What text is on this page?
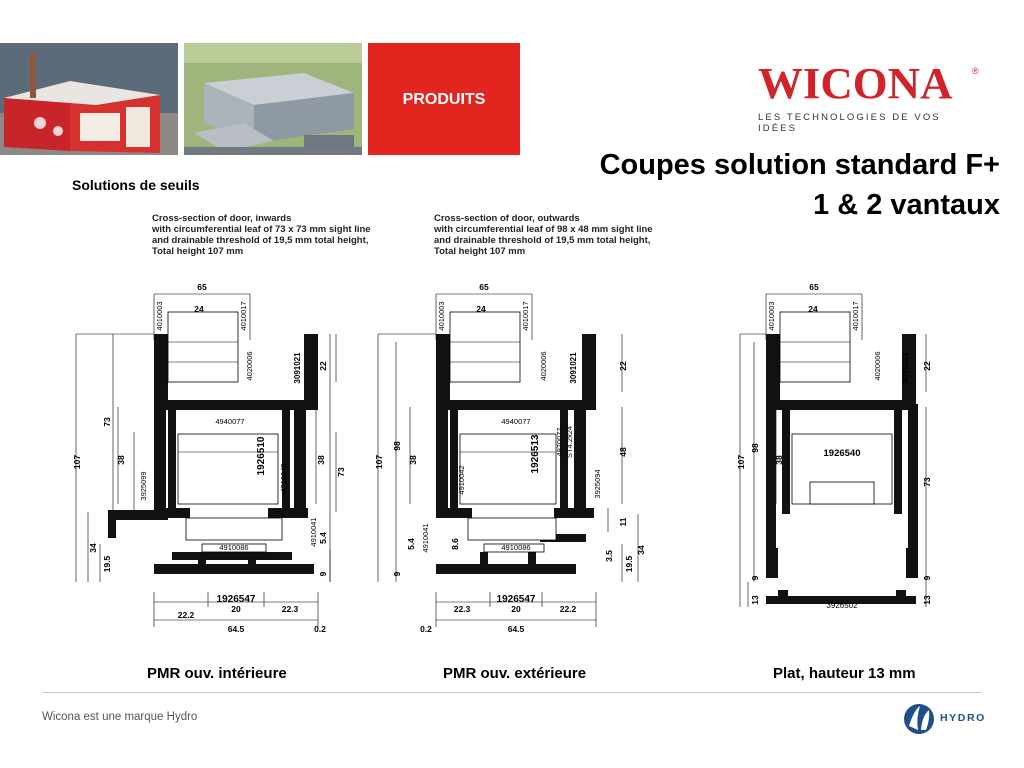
PRODUITS	WICONA	®
LES TECHNOLOGIES DE VOS IDÉES
Coupes solution standard F+
1 & 2 vantaux
Solutions de seuils
Cross-section of door, inwards
with circumferential leaf of 73 x 73 mm sight line
and drainable threshold of 19,5 mm total height,
Total height 107 mm
Cross-section of door, outwards
with circumferential leaf of 98 x 48 mm sight line
and drainable threshold of 19,5 mm total height,
Total height 107 mm
65
24
22.2
20	22.3
64.5	0.2
4940077
4910086
1926547
107
73
38
34
19.5
22
38
73
5.4
9
4010003	4010017
4020006	3091021
1926510
4910042
3925099
4910041
65
24
22.3	20	22.2
64.5
0.2
4940077
4910086
1926547
107
98
38
5.4	8.6
9
22
48
11
3.5 19.5
34
4010003	4010017
4020006	3091021
1926513
4910042
4970077 ST4.2x24
3925094
4910041
65
24
1926540
3926502
107
98
38
13
9
22
73
9
13
4010003	4010017
4020006 3091021
PMR ouv. intérieure	PMR ouv. extérieure	Plat, hauteur 13 mm
Wicona est une marque Hydro	HYDRO
